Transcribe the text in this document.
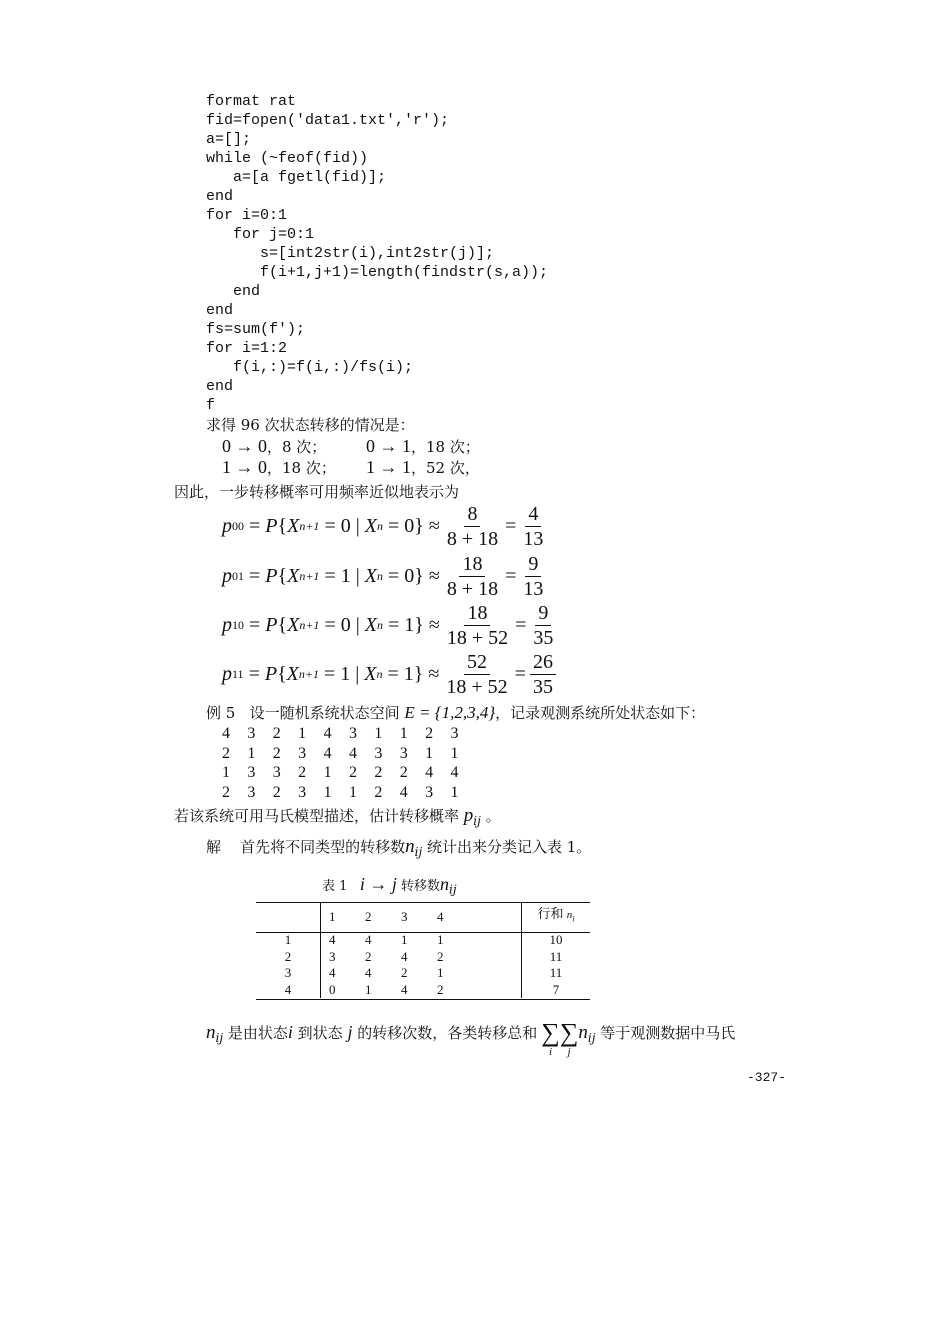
format rat
fid=fopen('data1.txt','r');
a=[];
while (~feof(fid))
a=[a fgetl(fid)];
end
for i=0:1
for j=0:1
s=[int2str(i),int2str(j)];
f(i+1,j+1)=length(findstr(s,a));
end
end
fs=sum(f');
for i=1:2
f(i,:)=f(i,:)/fs(i);
end
f
求得 96 次状态转移的情况是：
0 → 0，8 次； 0 → 1，18 次；
1 → 0，18 次； 1 → 1，52 次，
因此，一步转移概率可用频率近似地表示为
p 00 = P { X n+1 = 0 | X n = 0 } ≈ $\frac{8}{8 + 18} = \frac{4}{13}$
p 01 = P { X n+1 = 1 | X n = 0 } ≈ $\frac{18}{8 + 18} = \frac{9}{13}$
p 10 = P { X n+1 = 0 | X n = 1 } ≈ $\frac{18}{18 + 52} = \frac{9}{35}$
p 11 = P { X n+1 = 1 | X n = 1 } ≈ $\frac{52}{18 + 52} = \frac{26}{35}$
例 5 设一随机系统状态空间 E = {1,2,3,4}，记录观测系统所处状态如下：
4	3	2	1	4	3	1	1	2	3
2	1	2	3	4	4	3	3	1	1
1	3	3	2	1	2	2	2	4	4
2	3	2	3	1	1	2	4	3	1
若该系统可用马氏模型描述，估计转移概率 $p_{ij}$ 。
解 首先将不同类型的转移数$n_{ij}$ 统计出来分类记入表 1。
表 1 i → j 转移数$n_{ij}$
	1	2	3	4		行和 $n_i$
1	4	4	1	1		10
2	3	2	4	2		11
3	4	4	2	1		11
4	0	1	4	2		7
$n_{ij}$ 是由状态i 到状态 j 的转移次数，各类转移总和 ∑
i
∑
j
$n_{ij}$ 等于观测数据中马氏
-327-
